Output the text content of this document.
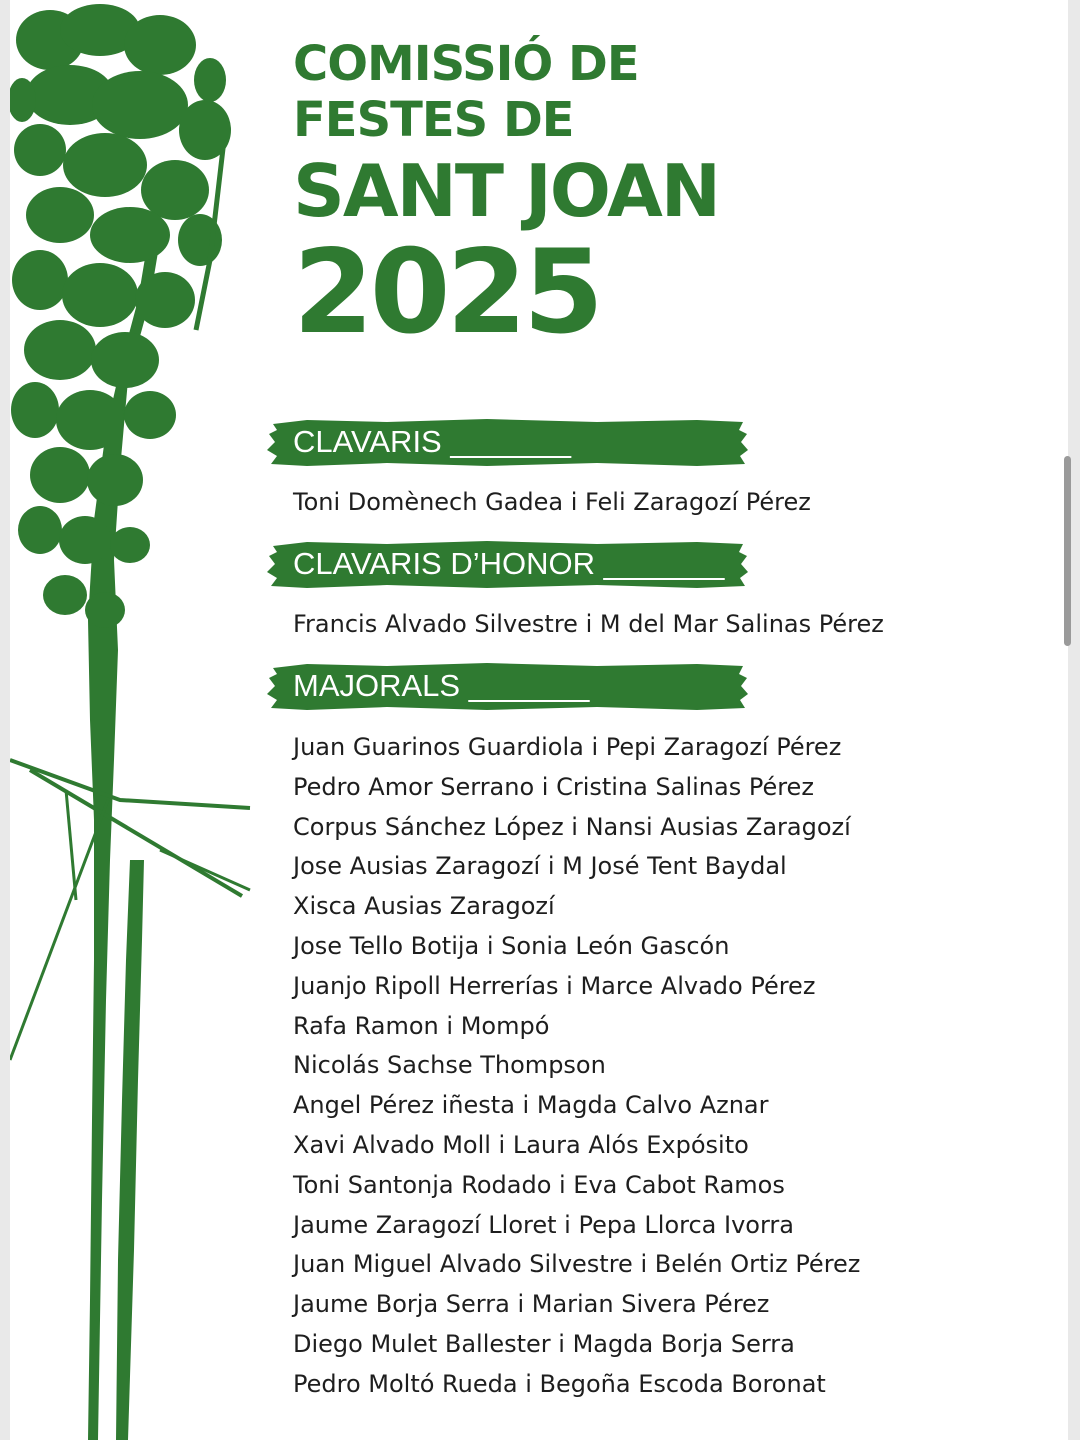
COMISSIÓ DE
FESTES DE
SANT JOAN
2025
CLAVARIS _______
Toni Domènech Gadea i Feli Zaragozí Pérez
CLAVARIS D’HONOR _______
Francis Alvado Silvestre i M del Mar Salinas Pérez
MAJORALS _______
Juan Guarinos Guardiola i Pepi Zaragozí Pérez
Pedro Amor Serrano i Cristina Salinas Pérez
Corpus Sánchez López i Nansi Ausias Zaragozí
Jose Ausias Zaragozí i M José Tent Baydal
Xisca Ausias Zaragozí
Jose Tello Botija i Sonia León Gascón
Juanjo Ripoll Herrerías i Marce Alvado Pérez
Rafa Ramon i Mompó
Nicolás Sachse Thompson
Angel Pérez iñesta i Magda Calvo Aznar
Xavi Alvado Moll i Laura Alós Expósito
Toni Santonja Rodado i Eva Cabot Ramos
Jaume Zaragozí Lloret i Pepa Llorca Ivorra
Juan Miguel Alvado Silvestre i Belén Ortiz Pérez
Jaume Borja Serra i Marian Sivera Pérez
Diego Mulet Ballester i Magda Borja Serra
Pedro Moltó Rueda i Begoña Escoda Boronat
